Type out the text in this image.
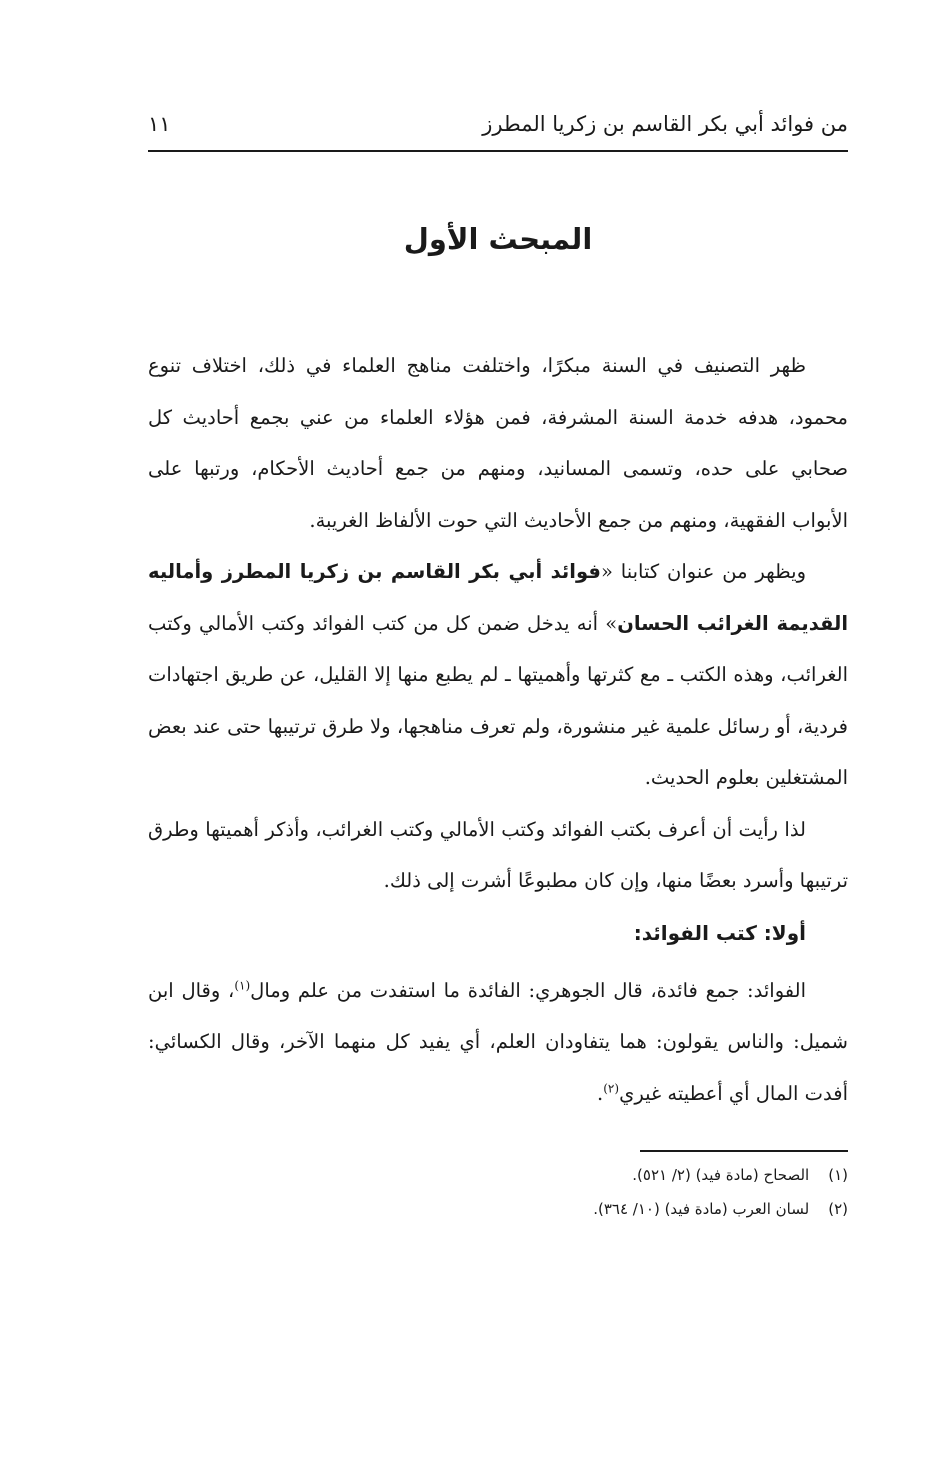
من فوائد أبي بكر القاسم بن زكريا المطرز
١١
المبحث الأول

ظهر التصنيف في السنة مبكرًا، واختلفت مناهج العلماء في ذلك، اختلاف تنوع محمود، هدفه خدمة السنة المشرفة، فمن هؤلاء العلماء من عني بجمع أحاديث كل صحابي على حده، وتسمى المسانيد، ومنهم من جمع أحاديث الأحكام، ورتبها على الأبواب الفقهية، ومنهم من جمع الأحاديث التي حوت الألفاظ الغريبة.

ويظهر من عنوان كتابنا «فوائد أبي بكر القاسم بن زكريا المطرز وأماليه القديمة الغرائب الحسان» أنه يدخل ضمن كل من كتب الفوائد وكتب الأمالي وكتب الغرائب، وهذه الكتب ـ مع كثرتها وأهميتها ـ لم يطبع منها إلا القليل، عن طريق اجتهادات فردية، أو رسائل علمية غير منشورة، ولم تعرف مناهجها، ولا طرق ترتيبها حتى عند بعض المشتغلين بعلوم الحديث.

لذا رأيت أن أعرف بكتب الفوائد وكتب الأمالي وكتب الغرائب، وأذكر أهميتها وطرق ترتيبها وأسرد بعضًا منها، وإن كان مطبوعًا أشرت إلى ذلك.

أولا: كتب الفوائد:

الفوائد: جمع فائدة، قال الجوهري: الفائدة ما استفدت من علم ومال$^{(١)}$، وقال ابن شميل: والناس يقولون: هما يتفاودان العلم، أي يفيد كل منهما الآخر، وقال الكسائي: أفدت المال أي أعطيته غيري$^{(٢)}$.

(١) الصحاح (مادة فيد) (٢/ ٥٢١).
(٢) لسان العرب (مادة فيد) (١٠/ ٣٦٤).
